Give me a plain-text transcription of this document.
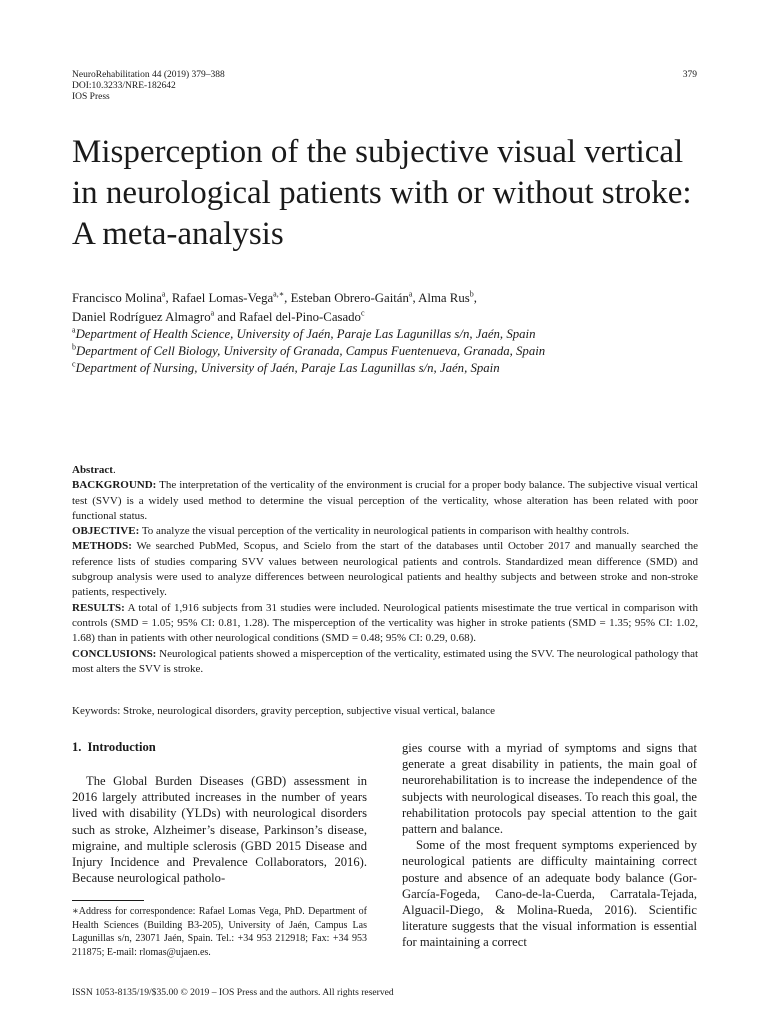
NeuroRehabilitation 44 (2019) 379–388
DOI:10.3233/NRE-182642
IOS Press
379
Misperception of the subjective visual vertical in neurological patients with or without stroke: A meta-analysis
Francisco Molina$^a$, Rafael Lomas-Vega$^{a,∗}$, Esteban Obrero-Gaitán$^a$, Alma Rus$^b$,
Daniel Rodríguez Almagro$^a$ and Rafael del-Pino-Casado$^c$
$^a$Department of Health Science, University of Jaén, Paraje Las Lagunillas s/n, Jaén, Spain
$^b$Department of Cell Biology, University of Granada, Campus Fuentenueva, Granada, Spain
$^c$Department of Nursing, University of Jaén, Paraje Las Lagunillas s/n, Jaén, Spain

Abstract.

BACKGROUND: The interpretation of the verticality of the environment is crucial for a proper body balance. The subjective visual vertical test (SVV) is a widely used method to determine the visual perception of the verticality, whose alteration has been related with poor functional status.

OBJECTIVE: To analyze the visual perception of the verticality in neurological patients in comparison with healthy controls.

METHODS: We searched PubMed, Scopus, and Scielo from the start of the databases until October 2017 and manually searched the reference lists of studies comparing SVV values between neurological patients and controls. Standardized mean difference (SMD) and subgroup analysis were used to analyze differences between neurological patients and healthy subjects and between stroke and non-stroke patients, respectively.

RESULTS: A total of 1,916 subjects from 31 studies were included. Neurological patients misestimate the true vertical in comparison with controls (SMD = 1.05; 95% CI: 0.81, 1.28). The misperception of the verticality was higher in stroke patients (SMD = 1.35; 95% CI: 1.02, 1.68) than in patients with other neurological conditions (SMD = 0.48; 95% CI: 0.29, 0.68).

CONCLUSIONS: Neurological patients showed a misperception of the verticality, estimated using the SVV. The neurological pathology that most alters the SVV is stroke.

Keywords: Stroke, neurological disorders, gravity perception, subjective visual vertical, balance
1. Introduction

The Global Burden Diseases (GBD) assessment in 2016 largely attributed increases in the number of years lived with disability (YLDs) with neurological disorders such as stroke, Alzheimer’s disease, Parkinson’s disease, migraine, and multiple sclerosis (GBD 2015 Disease and Injury Incidence and Prevalence Collaborators, 2016). Because neurological patholo-

gies course with a myriad of symptoms and signs that generate a great disability in patients, the main goal of neurorehabilitation is to increase the independence of the subjects with neurological diseases. To reach this goal, the rehabilitation protocols pay special attention to the gait pattern and balance.

Some of the most frequent symptoms experienced by neurological patients are difficulty maintaining correct posture and absence of an adequate body balance (Gor-García-Fogeda, Cano-de-la-Cuerda, Carratala-Tejada, Alguacil-Diego, & Molina-Rueda, 2016). Scientific literature suggests that the visual information is essential for maintaining a correct

∗Address for correspondence: Rafael Lomas Vega, PhD. Department of Health Sciences (Building B3-205), University of Jaén, Campus Las Lagunillas s/n, 23071 Jaén, Spain. Tel.: +34 953 212918; Fax: +34 953 211875; E-mail: rlomas@ujaen.es.
ISSN 1053-8135/19/$35.00 © 2019 – IOS Press and the authors. All rights reserved
